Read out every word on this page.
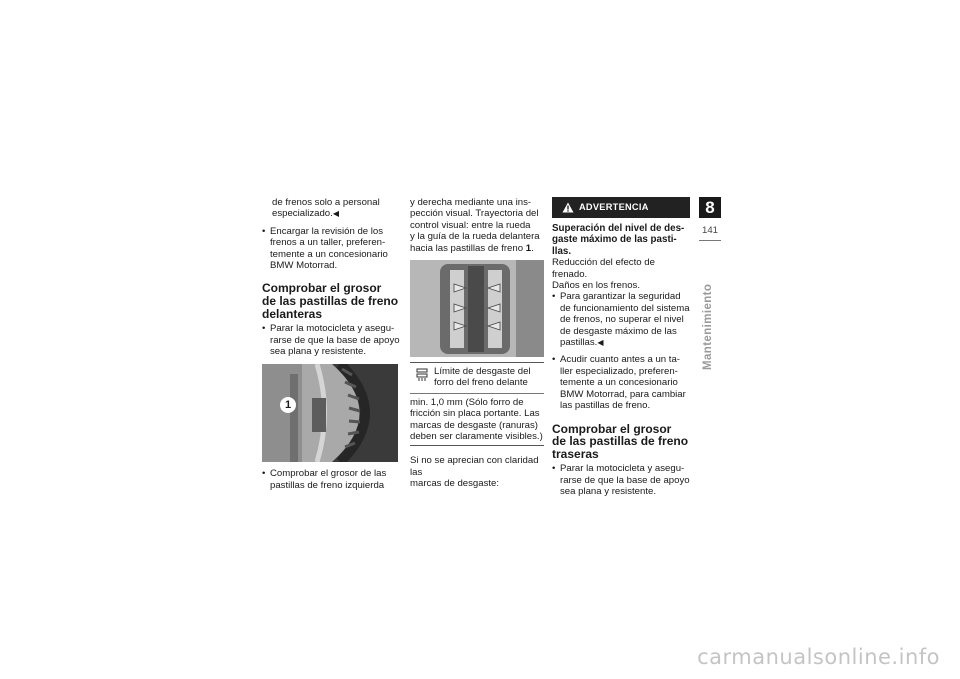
de frenos solo a personal

especializado.◀

• Encargar la revisión de los

frenos a un taller, preferen-

temente a un concesionario

BMW Motorrad.

Comprobar el grosor
de las pastillas de freno
delanteras
• Parar la motocicleta y asegu-

rarse de que la base de apoyo

sea plana y resistente.

1
• Comprobar el grosor de las

pastillas de freno izquierda

y derecha mediante una ins-

pección visual. Trayectoria del

control visual: entre la rueda

y la guía de la rueda delantera

hacia las pastillas de freno 1.

Límite de desgaste del

forro del freno delante

min. 1,0 mm (Sólo forro de

fricción sin placa portante. Las

marcas de desgaste (ranuras)

deben ser claramente visibles.)

Si no se aprecian con claridad las

marcas de desgaste:

ADVERTENCIA
Superación del nivel de des-
gaste máximo de las pasti-
llas.

Reducción del efecto de frenado.

Daños en los frenos.

• Para garantizar la seguridad

de funcionamiento del sistema

de frenos, no superar el nivel

de desgaste máximo de las

pastillas.◀

• Acudir cuanto antes a un ta-

ller especializado, preferen-

temente a un concesionario

BMW Motorrad, para cambiar

las pastillas de freno.

Comprobar el grosor
de las pastillas de freno
traseras
• Parar la motocicleta y asegu-

rarse de que la base de apoyo

sea plana y resistente.

8
141
Mantenimiento
carmanualsonline.info
